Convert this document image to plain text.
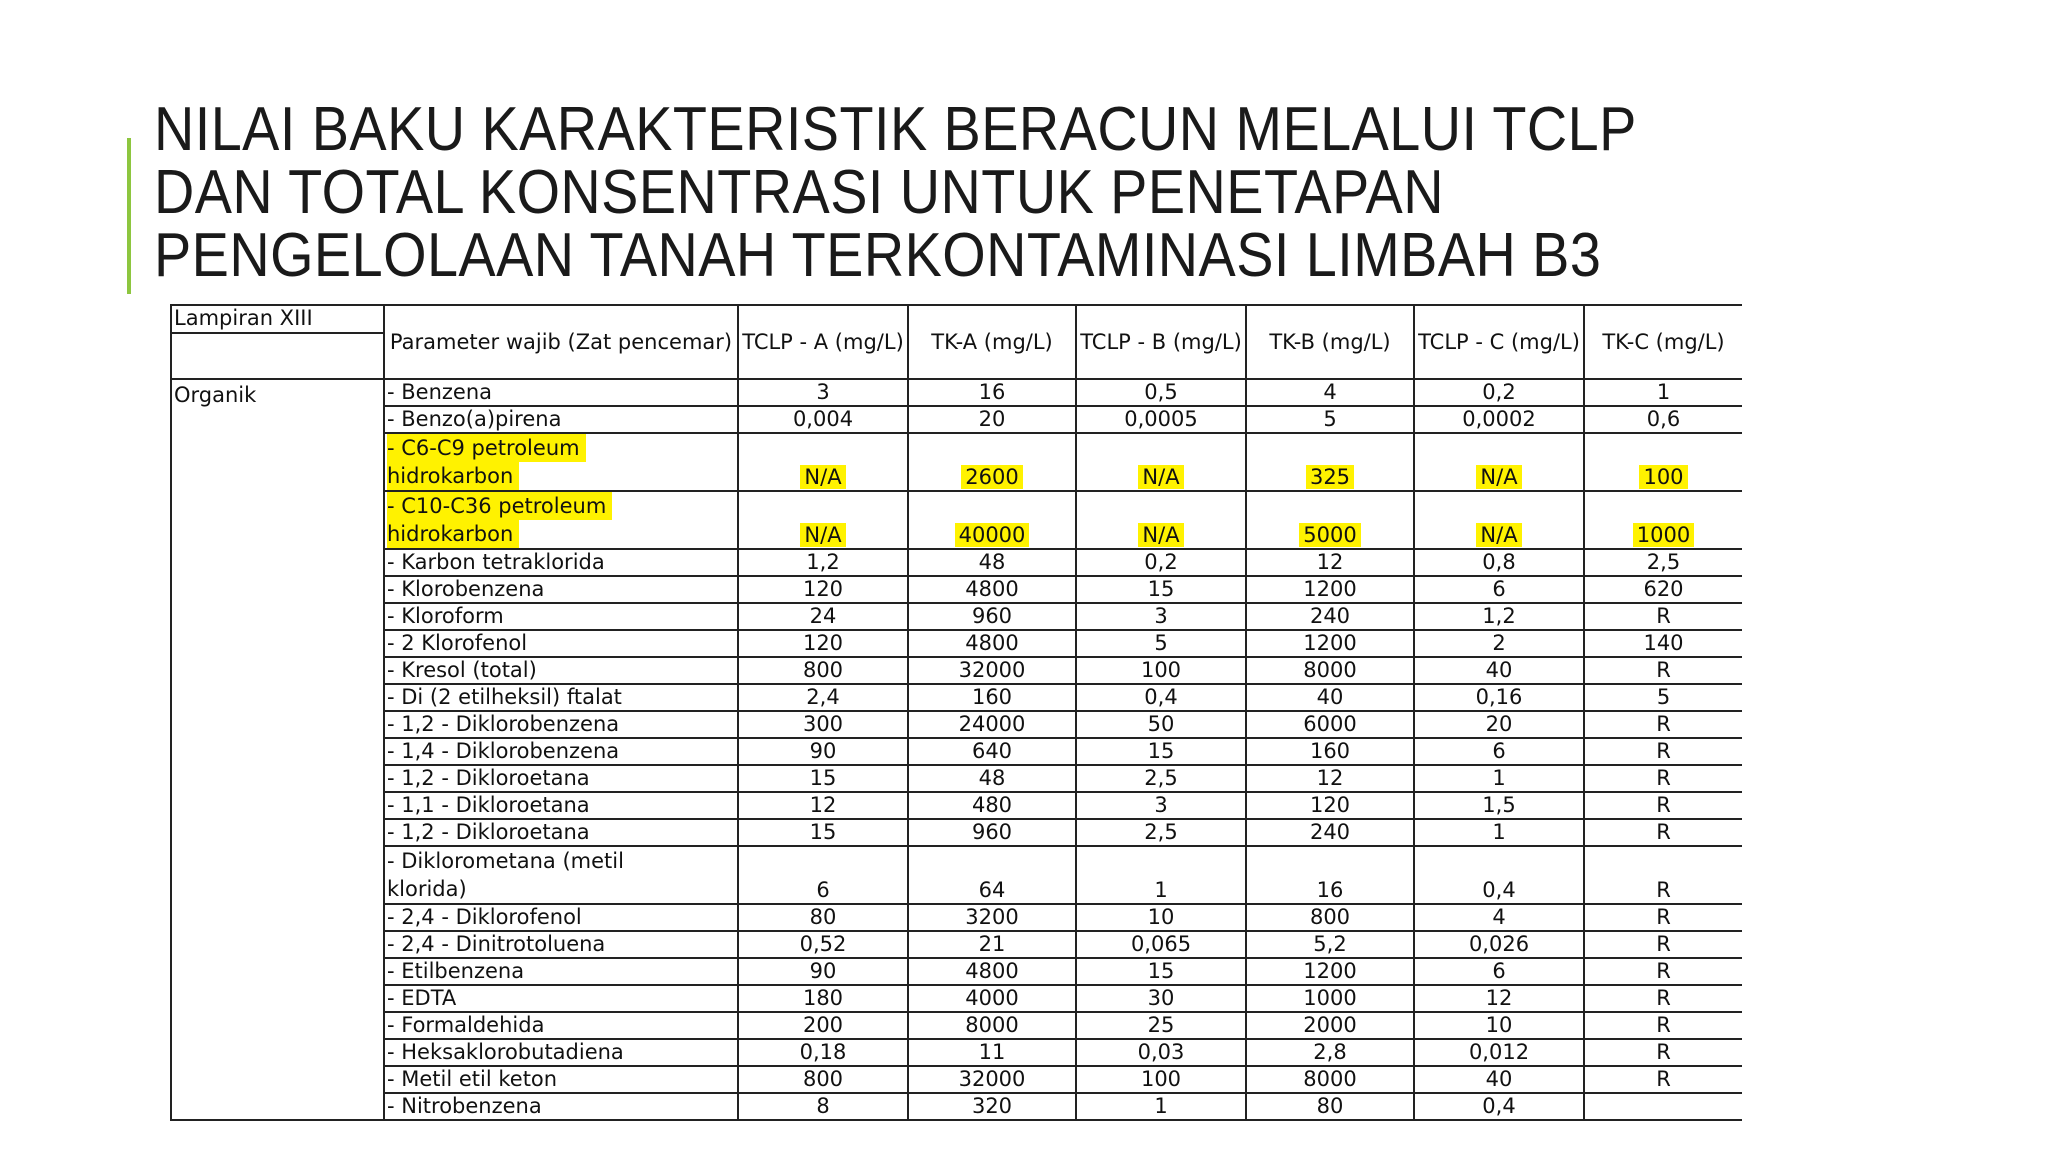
NILAI BAKU KARAKTERISTIK BERACUN MELALUI TCLP
DAN TOTAL KONSENTRASI UNTUK PENETAPAN
PENGELOLAAN TANAH TERKONTAMINASI LIMBAH B3
Lampiran XIII	Parameter wajib (Zat pencemar)	TCLP - A (mg/L)	TK-A (mg/L)	TCLP - B (mg/L)	TK-B (mg/L)	TCLP - C (mg/L)	TK-C (mg/L)

Organik	- Benzena	3	16	0,5	4	0,2	1
	- Benzo(a)pirena	0,004	20	0,0005	5	0,0002	0,6
	- C6-C9 petroleum
hidrokarbon	N/A	2600	N/A	325	N/A	100
	- C10-C36 petroleum
hidrokarbon	N/A	40000	N/A	5000	N/A	1000
	- Karbon tetraklorida	1,2	48	0,2	12	0,8	2,5
	- Klorobenzena	120	4800	15	1200	6	620
	- Kloroform	24	960	3	240	1,2	R
	- 2 Klorofenol	120	4800	5	1200	2	140
	- Kresol (total)	800	32000	100	8000	40	R
	- Di (2 etilheksil) ftalat	2,4	160	0,4	40	0,16	5
	- 1,2 - Diklorobenzena	300	24000	50	6000	20	R
	- 1,4 - Diklorobenzena	90	640	15	160	6	R
	- 1,2 - Dikloroetana	15	48	2,5	12	1	R
	- 1,1 - Dikloroetana	12	480	3	120	1,5	R
	- 1,2 - Dikloroetana	15	960	2,5	240	1	R
	- Diklorometana (metil
klorida)	6	64	1	16	0,4	R
	- 2,4 - Diklorofenol	80	3200	10	800	4	R
	- 2,4 - Dinitrotoluena	0,52	21	0,065	5,2	0,026	R
	- Etilbenzena	90	4800	15	1200	6	R
	- EDTA	180	4000	30	1000	12	R
	- Formaldehida	200	8000	25	2000	10	R
	- Heksaklorobutadiena	0,18	11	0,03	2,8	0,012	R
	- Metil etil keton	800	32000	100	8000	40	R
	- Nitrobenzena	8	320	1	80	0,4	
